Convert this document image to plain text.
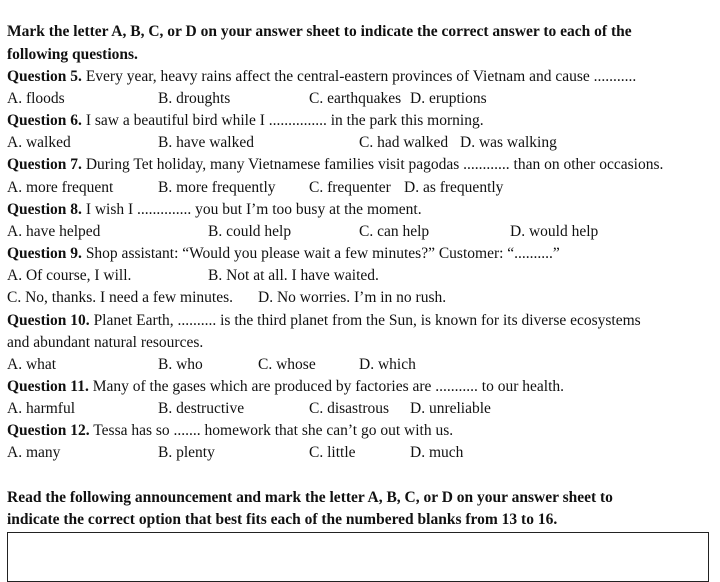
Mark the letter A, B, C, or D on your answer sheet to indicate the correct answer to each of the
following questions.
Question 5. Every year, heavy rains affect the central-eastern provinces of Vietnam and cause ...........
A. floods	B. droughts	C. earthquakes D. eruptions
Question 6. I saw a beautiful bird while I ............... in the park this morning.
A. walked	B. have walked	C. had walked D. was walking
Question 7. During Tet holiday, many Vietnamese families visit pagodas ............ than on other occasions.
A. more frequent	B. more frequently C. frequenter D. as frequently
Question 8. I wish I .............. you but I’m too busy at the moment.
A. have helped	B. could help	C. can help	D. would help
Question 9. Shop assistant: “Would you please wait a few minutes?” Customer: “..........”
A. Of course, I will.	B. Not at all. I have waited.
C. No, thanks. I need a few minutes. D. No worries. I’m in no rush.
Question 10. Planet Earth, .......... is the third planet from the Sun, is known for its diverse ecosystems
and abundant natural resources.
A. what	B. who	C. whose	D. which
Question 11. Many of the gases which are produced by factories are ........... to our health.
A. harmful	B. destructive	C. disastrous D. unreliable
Question 12. Tessa has so ....... homework that she can’t go out with us.
A. many	B. plenty	C. little	D. much
Read the following announcement and mark the letter A, B, C, or D on your answer sheet to
indicate the correct option that best fits each of the numbered blanks from 13 to 16.
